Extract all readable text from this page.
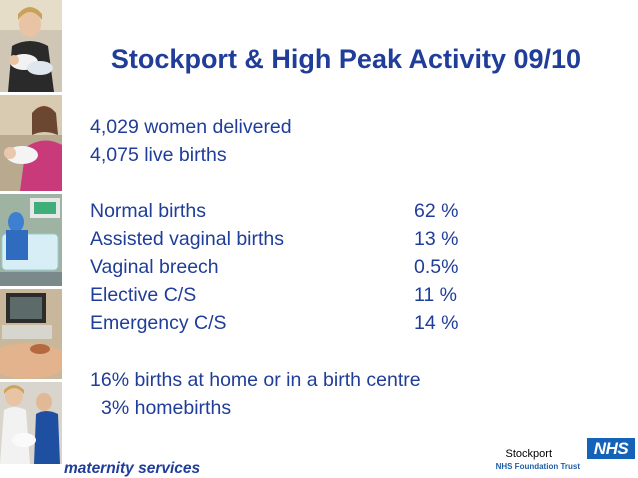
Stockport & High Peak Activity 09/10
4,029 women delivered
4,075 live births
Normal births	62 %
Assisted vaginal births	13 %
Vaginal breech	0.5%
Elective C/S	11 %
Emergency C/S	14 %
16% births at home or in a birth centre
3% homebirths
maternity services
Stockport
NHS Foundation Trust
NHS
